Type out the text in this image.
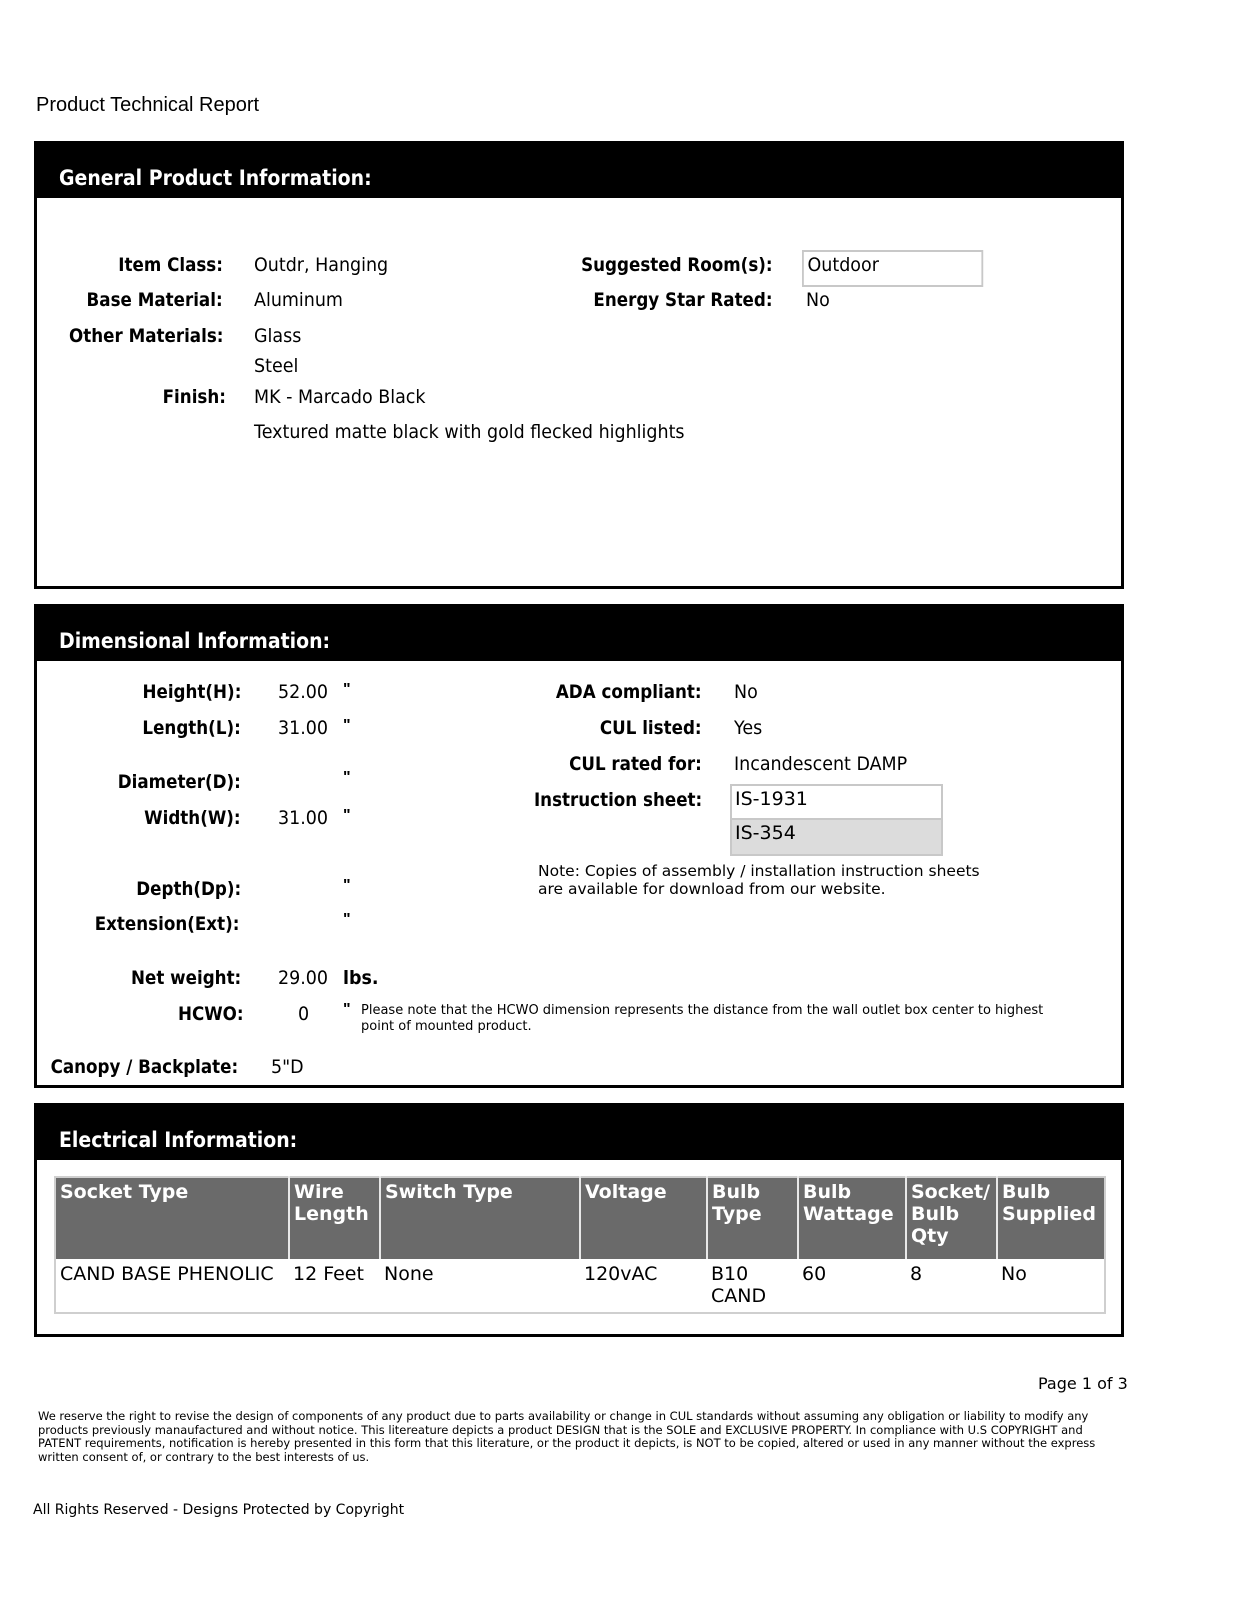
Product Technical Report
General Product Information:
Item Class: Outdr, Hanging
Base Material: Aluminum
Other Materials: Glass
Steel
Finish: MK - Marcado Black
Textured matte black with gold flecked highlights
Suggested Room(s): Outdoor
Energy Star Rated: No
Dimensional Information:
Height(H): 52.00 "
Length(L): 31.00 "
Diameter(D):	"
Width(W): 31.00 "
Depth(Dp):	"
Extension(Ext):	"
Net weight: 29.00 lbs.
HCWO:	0 " Please note that the HCWO dimension represents the distance from the wall outlet box center to highest point of mounted product.
Canopy / Backplate: 5"D
ADA compliant: No
CUL listed: Yes
CUL rated for: Incandescent DAMP
Instruction sheet: IS-1931
IS-354
Note: Copies of assembly / installation instruction sheets are available for download from our website.
Electrical Information:
Socket Type	Wire Length	Switch Type	Voltage	Bulb Type	Bulb Wattage	Socket/ Bulb Qty	Bulb Supplied
CAND BASE PHENOLIC	12 Feet	None	120vAC	B10 CAND	60	8	No
Page 1 of 3
We reserve the right to revise the design of components of any product due to parts availability or change in CUL standards without assuming any obligation or liability to modify any products previously manaufactured and without notice. This litereature depicts a product DESIGN that is the SOLE and EXCLUSIVE PROPERTY. In compliance with U.S COPYRIGHT and PATENT requirements, notification is hereby presented in this form that this literature, or the product it depicts, is NOT to be copied, altered or used in any manner without the express written consent of, or contrary to the best interests of us.
All Rights Reserved - Designs Protected by Copyright
